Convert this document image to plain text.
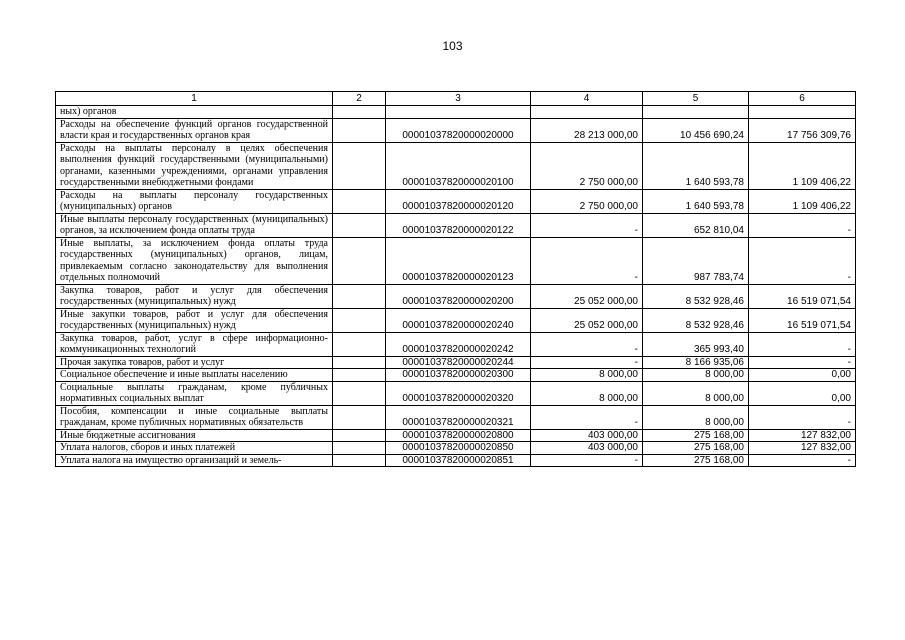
103
1	2	3	4	5	6
ных) органов					
Расходы на обеспечение функций органов государственной власти края и государственных органов края		00001037820000020000	28 213 000,00	10 456 690,24	17 756 309,76
Расходы на выплаты персоналу в целях обеспечения выполнения функций государственными (муниципальными) органами, казенными учреждениями, органами управления государственными внебюджетными фондами		00001037820000020100	2 750 000,00	1 640 593,78	1 109 406,22
Расходы на выплаты персоналу государственных (муниципальных) органов		00001037820000020120	2 750 000,00	1 640 593,78	1 109 406,22
Иные выплаты персоналу государственных (муниципальных) органов, за исключением фонда оплаты труда		00001037820000020122	-	652 810,04	-
Иные выплаты, за исключением фонда оплаты труда государственных (муниципальных) органов, лицам, привлекаемым согласно законодательству для выполнения отдельных полномочий		00001037820000020123	-	987 783,74	-
Закупка товаров, работ и услуг для обеспечения государственных (муниципальных) нужд		00001037820000020200	25 052 000,00	8 532 928,46	16 519 071,54
Иные закупки товаров, работ и услуг для обеспечения государственных (муниципальных) нужд		00001037820000020240	25 052 000,00	8 532 928,46	16 519 071,54
Закупка товаров, работ, услуг в сфере информационно-коммуникационных технологий		00001037820000020242	-	365 993,40	-
Прочая закупка товаров, работ и услуг		00001037820000020244	-	8 166 935,06	-
Социальное обеспечение и иные выплаты населению		00001037820000020300	8 000,00	8 000,00	0,00
Социальные выплаты гражданам, кроме публичных нормативных социальных выплат		00001037820000020320	8 000,00	8 000,00	0,00
Пособия, компенсации и иные социальные выплаты гражданам, кроме публичных нормативных обязательств		00001037820000020321	-	8 000,00	-
Иные бюджетные ассигнования		00001037820000020800	403 000,00	275 168,00	127 832,00
Уплата налогов, сборов и иных платежей		00001037820000020850	403 000,00	275 168,00	127 832,00
Уплата налога на имущество организаций и земель-		00001037820000020851	-	275 168,00	-
